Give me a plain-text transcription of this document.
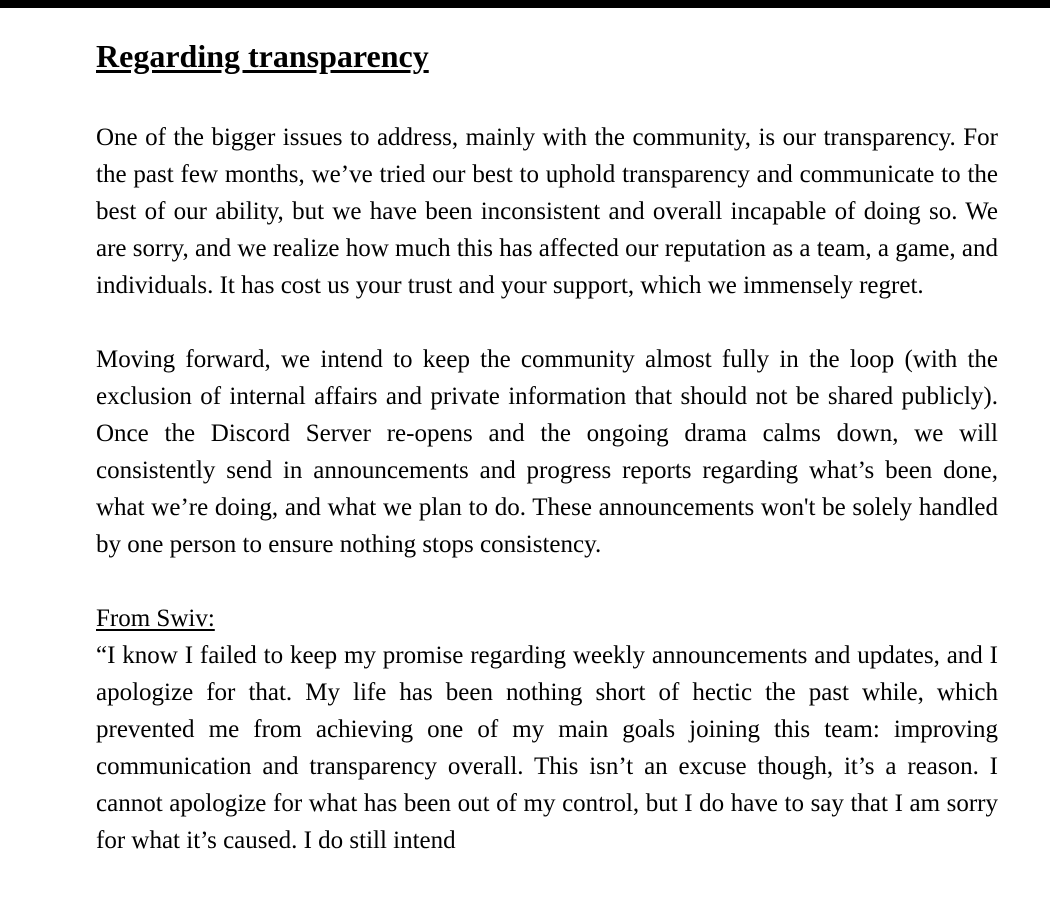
Regarding transparency

One of the bigger issues to address, mainly with the community, is our transparency. For the past few months, we’ve tried our best to uphold transparency and communicate to the best of our ability, but we have been inconsistent and overall incapable of doing so. We are sorry, and we realize how much this has affected our reputation as a team, a game, and individuals. It has cost us your trust and your support, which we immensely regret.

Moving forward, we intend to keep the community almost fully in the loop (with the exclusion of internal affairs and private information that should not be shared publicly). Once the Discord Server re-opens and the ongoing drama calms down, we will consistently send in announcements and progress reports regarding what’s been done, what we’re doing, and what we plan to do. These announcements won't be solely handled by one person to ensure nothing stops consistency.

From Swiv:

“I know I failed to keep my promise regarding weekly announcements and updates, and I apologize for that. My life has been nothing short of hectic the past while, which prevented me from achieving one of my main goals joining this team: improving communication and transparency overall. This isn’t an excuse though, it’s a reason. I cannot apologize for what has been out of my control, but I do have to say that I am sorry for what it’s caused. I do still intend
